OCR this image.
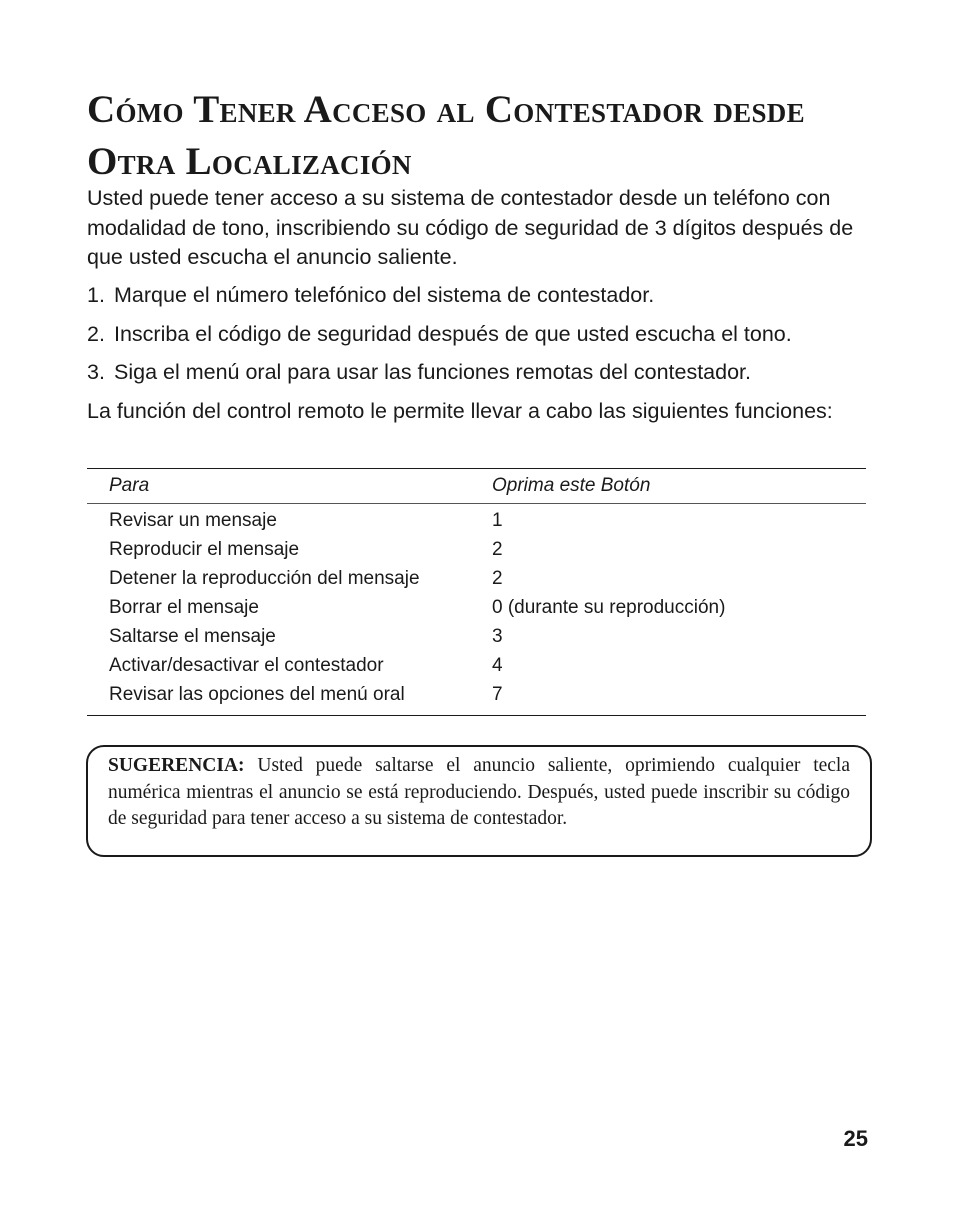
Cómo Tener Acceso al Contestador desde
Otra Localización

Usted puede tener acceso a su sistema de contestador desde un teléfono con modalidad de tono, inscribiendo su código de seguridad de 3 dígitos después de que usted escucha el anuncio saliente.

1. Marque el número telefónico del sistema de contestador.
2. Inscriba el código de seguridad después de que usted escucha el tono.
3. Siga el menú oral para usar las funciones remotas del contestador.

La función del control remoto le permite llevar a cabo las siguientes funciones:

Para	Oprima este Botón
Revisar un mensaje	1
Reproducir el mensaje	2
Detener la reproducción del mensaje	2
Borrar el mensaje	0 (durante su reproducción)
Saltarse el mensaje	3
Activar/desactivar el contestador	4
Revisar las opciones del menú oral	7
SUGERENCIA: Usted puede saltarse el anuncio saliente, oprimiendo cualquier tecla numérica mientras el anuncio se está reproduciendo. Después, usted puede inscribir su código de seguridad para tener acceso a su sistema de contestador.
25
